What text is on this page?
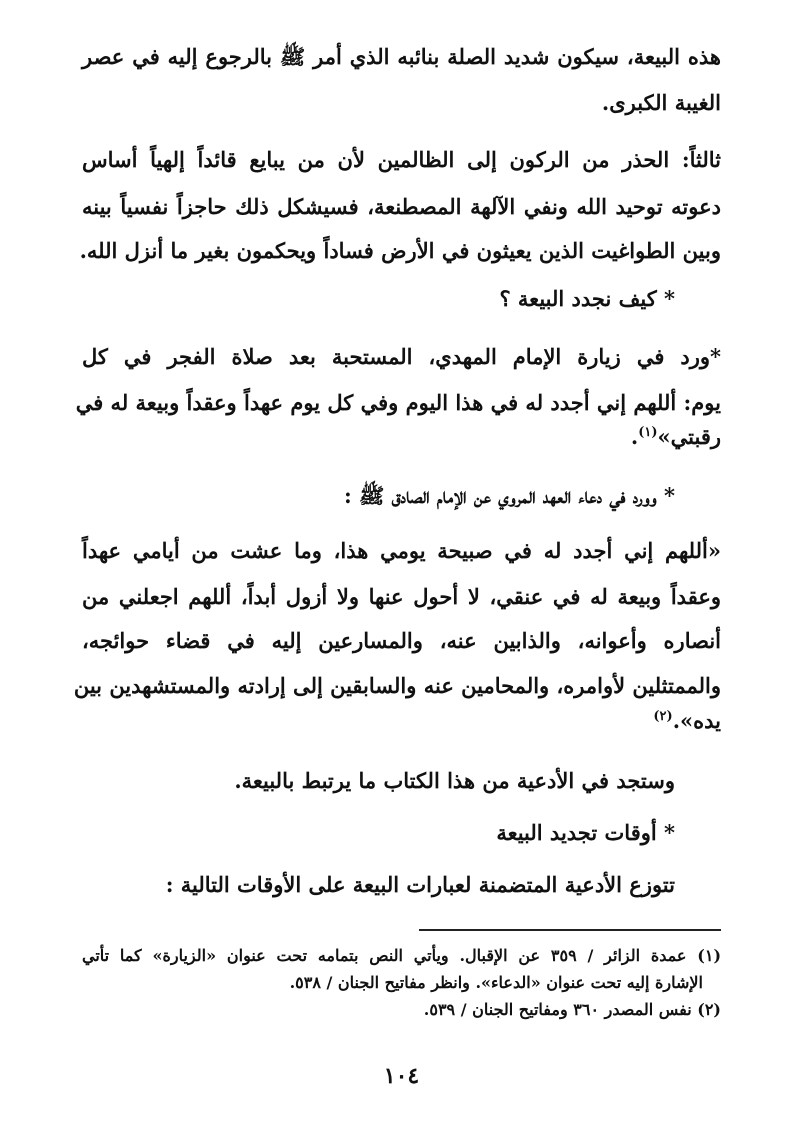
هذه البيعة، سيكون شديد الصلة بنائبه الذي أمر ﷺ بالرجوع إليه في عصر
الغيبة الكبرى.
ثالثاً: الحذر من الركون إلى الظالمين لأن من يبايع قائداً إلهياً أساس
دعوته توحيد الله ونفي الآلهة المصطنعة، فسيشكل ذلك حاجزاً نفسياً بينه
وبين الطواغيت الذين يعيثون في الأرض فساداً ويحكمون بغير ما أنزل الله.
* كيف نجدد البيعة ؟
*ورد في زيارة الإمام المهدي، المستحبة بعد صلاة الفجر في كل
يوم: أللهم إني أجدد له في هذا اليوم وفي كل يوم عهداً وعقداً وبيعة له في
رقبتي»$^{(١)}$.
* وورد في دعاء العهد المروي عن الإمام الصادق ﷺ :
«أللهم إني أجدد له في صبيحة يومي هذا، وما عشت من أيامي عهداً
وعقداً وبيعة له في عنقي، لا أحول عنها ولا أزول أبداً، أللهم اجعلني من
أنصاره وأعوانه، والذابين عنه، والمسارعين إليه في قضاء حوائجه،
والممتثلين لأوامره، والمحامين عنه والسابقين إلى إرادته والمستشهدين بين
يده».$^{(٢)}$
وستجد في الأدعية من هذا الكتاب ما يرتبط بالبيعة.
* أوقات تجديد البيعة
تتوزع الأدعية المتضمنة لعبارات البيعة على الأوقات التالية :
(١) عمدة الزائر / ٣٥٩ عن الإقبال. ويأتي النص بتمامه تحت عنوان «الزيارة» كما تأتي
الإشارة إليه تحت عنوان «الدعاء». وانظر مفاتيح الجنان / ٥٣٨.
(٢) نفس المصدر ٣٦٠ ومفاتيح الجنان / ٥٣٩.
١٠٤
